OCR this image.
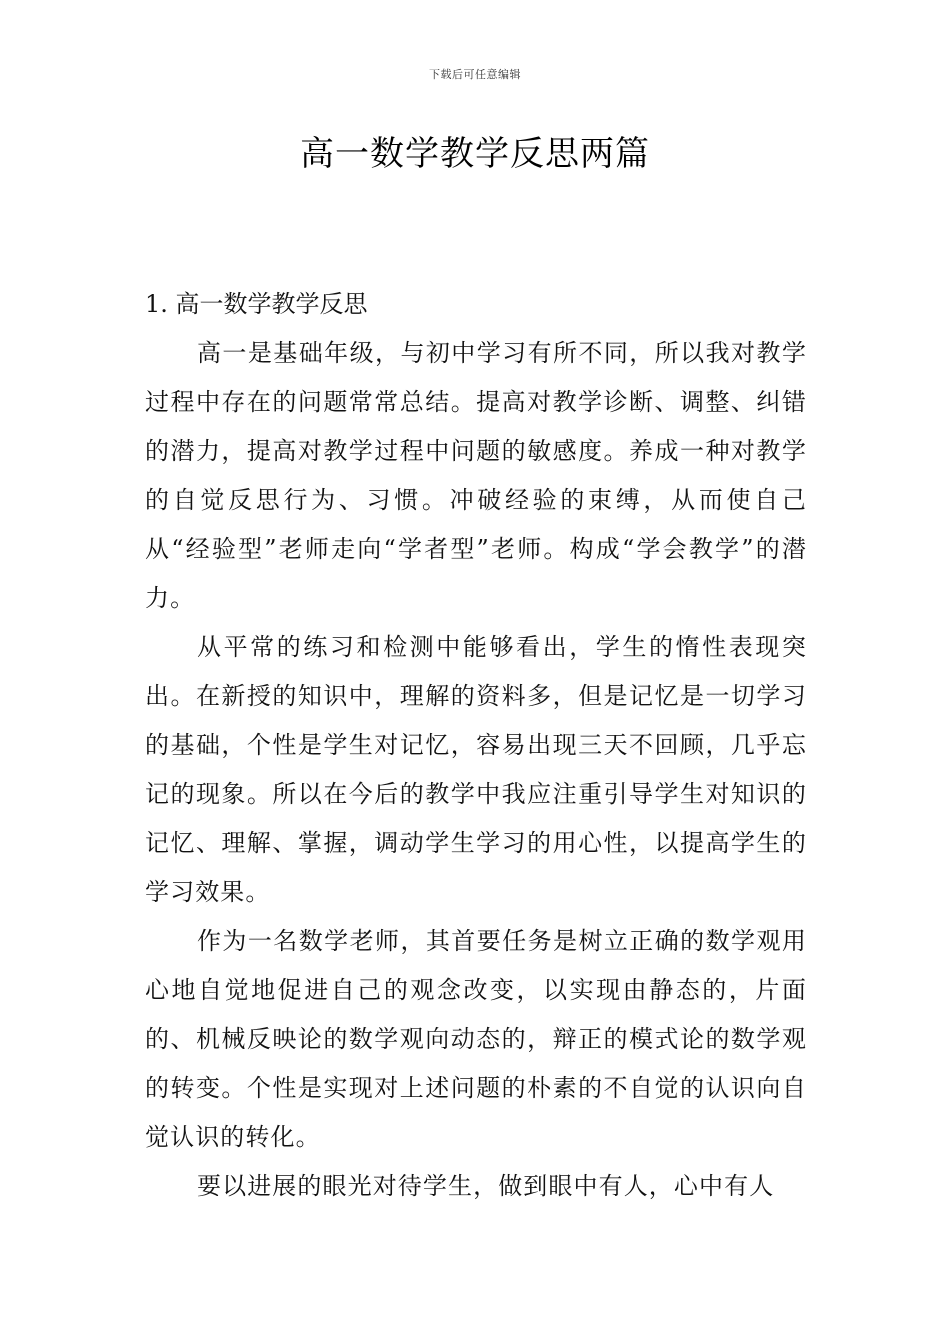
下载后可任意编辑
高一数学教学反思两篇
1. 高一数学教学反思

高一是基础年级，与初中学习有所不同，所以我对教学过程中存在的问题常常总结。提高对教学诊断、调整、纠错的潜力，提高对教学过程中问题的敏感度。养成一种对教学的自觉反思行为、习惯。冲破经验的束缚，从而使自己从“经验型”老师走向“学者型”老师。构成“学会教学”的潜力。

从平常的练习和检测中能够看出，学生的惰性表现突出。在新授的知识中，理解的资料多，但是记忆是一切学习的基础，个性是学生对记忆，容易出现三天不回顾，几乎忘记的现象。所以在今后的教学中我应注重引导学生对知识的记忆、理解、掌握，调动学生学习的用心性，以提高学生的学习效果。

作为一名数学老师，其首要任务是树立正确的数学观用心地自觉地促进自己的观念改变，以实现由静态的，片面的、机械反映论的数学观向动态的，辩正的模式论的数学观的转变。个性是实现对上述问题的朴素的不自觉的认识向自觉认识的转化。

要以进展的眼光对待学生，做到眼中有人，心中有人
